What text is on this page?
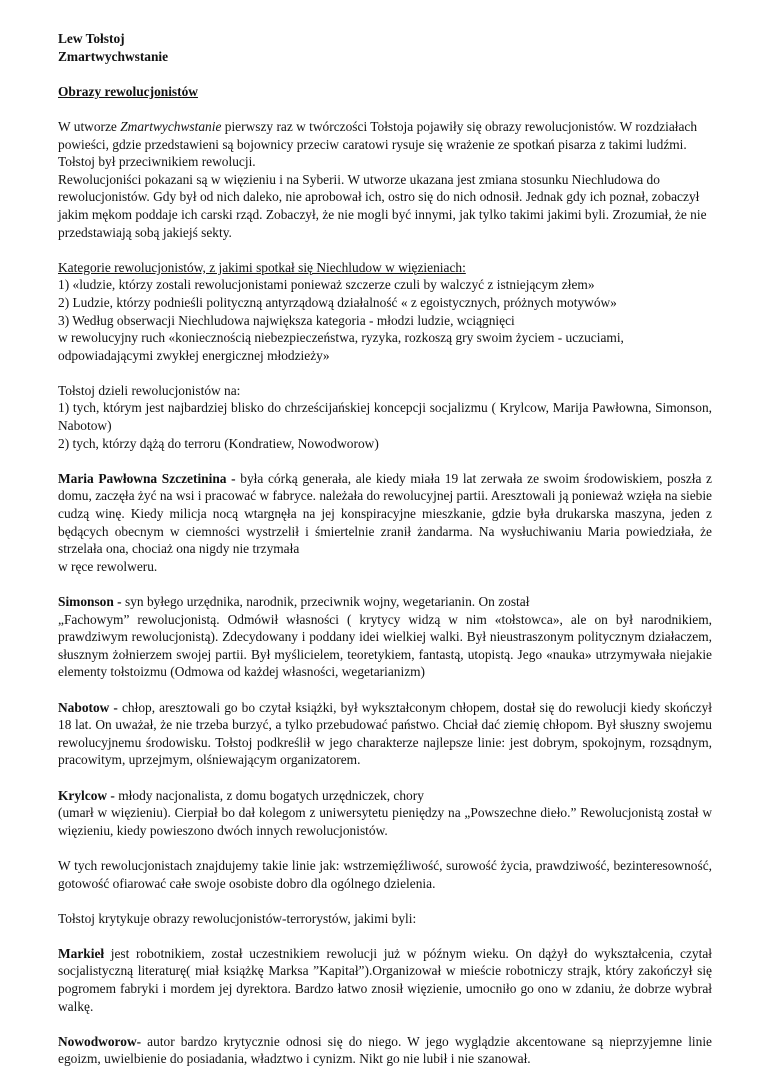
Lew Tołstoj

Zmartwychwstanie

Obrazy rewolucjonistów

W utworze Zmartwychwstanie pierwszy raz w twórczości Tołstoja pojawiły się obrazy rewolucjonistów. W rozdziałach powieści, gdzie przedstawieni są bojownicy przeciw caratowi rysuje się wrażenie ze spotkań pisarza z takimi ludźmi.

Tołstoj był przeciwnikiem rewolucji.

Rewolucjoniści pokazani są w więzieniu i na Syberii. W utworze ukazana jest zmiana stosunku Niechludowa do rewolucjonistów. Gdy był od nich daleko, nie aprobował ich, ostro się do nich odnosił. Jednak gdy ich poznał, zobaczył jakim mękom poddaje ich carski rząd. Zobaczył, że nie mogli być innymi, jak tylko takimi jakimi byli. Zrozumiał, że nie przedstawiają sobą jakiejś sekty.

Kategorie rewolucjonistów, z jakimi spotkał się Niechludow w więzieniach:

1) «ludzie, którzy zostali rewolucjonistami ponieważ szczerze czuli by walczyć z istniejącym złem»

2) Ludzie, którzy podnieśli polityczną antyrządową działalność « z egoistycznych, próżnych motywów»

3) Według obserwacji Niechludowa największa kategoria - młodzi ludzie, wciągnięci

w rewolucyjny ruch «koniecznością niebezpieczeństwa, ryzyka, rozkoszą gry swoim życiem - uczuciami, odpowiadającymi zwykłej energicznej młodzieży»

Tołstoj dzieli rewolucjonistów na:

1) tych, którym jest najbardziej blisko do chrześcijańskiej koncepcji socjalizmu ( Krylcow, Marija Pawłowna, Simonson, Nabotow)

2) tych, którzy dążą do terroru (Kondratiew, Nowodworow)

Maria Pawłowna Szczetinina - była córką generała, ale kiedy miała 19 lat zerwała ze swoim środowiskiem, poszła z domu, zaczęła żyć na wsi i pracować w fabryce. należała do rewolucyjnej partii. Aresztowali ją ponieważ wzięła na siebie cudzą winę. Kiedy milicja nocą wtargnęła na jej konspiracyjne mieszkanie, gdzie była drukarska maszyna, jeden z będących obecnym w ciemności wystrzelił i śmiertelnie zranił żandarma. Na wysłuchiwaniu Maria powiedziała, że strzelała ona, chociaż ona nigdy nie trzymała

w ręce rewolweru.

Simonson - syn byłego urzędnika, narodnik, przeciwnik wojny, wegetarianin. On został

„Fachowym” rewolucjonistą. Odmówił własności ( krytycy widzą w nim «tołstowca», ale on był narodnikiem, prawdziwym rewolucjonistą). Zdecydowany i poddany idei wielkiej walki. Był nieustraszonym politycznym działaczem, słusznym żołnierzem swojej partii. Był myślicielem, teoretykiem, fantastą, utopistą. Jego «nauka» utrzymywała niejakie elementy tołstoizmu (Odmowa od każdej własności, wegetarianizm)

Nabotow - chłop, aresztowali go bo czytał książki, był wykształconym chłopem, dostał się do rewolucji kiedy skończył 18 lat. On uważał, że nie trzeba burzyć, a tylko przebudować państwo. Chciał dać ziemię chłopom. Był słuszny swojemu rewolucyjnemu środowisku. Tołstoj podkreślił w jego charakterze najlepsze linie: jest dobrym, spokojnym, rozsądnym, pracowitym, uprzejmym, olśniewającym organizatorem.

Krylcow - młody nacjonalista, z domu bogatych urzędniczek, chory

(umarł w więzieniu). Cierpiał bo dał kolegom z uniwersytetu pieniędzy na „Powszechne dieło.” Rewolucjonistą został w więzieniu, kiedy powieszono dwóch innych rewolucjonistów.

W tych rewolucjonistach znajdujemy takie linie jak: wstrzemięźliwość, surowość życia, prawdziwość, bezinteresowność, gotowość ofiarować całe swoje osobiste dobro dla ogólnego dzielenia.

Tołstoj krytykuje obrazy rewolucjonistów-terrorystów, jakimi byli:

Markieł jest robotnikiem, został uczestnikiem rewolucji już w późnym wieku. On dążył do wykształcenia, czytał socjalistyczną literaturę( miał książkę Marksa ”Kapitał”).Organizował w mieście robotniczy strajk, który zakończył się pogromem fabryki i mordem jej dyrektora. Bardzo łatwo znosił więzienie, umocniło go ono w zdaniu, że dobrze wybrał walkę.

Nowodworow- autor bardzo krytycznie odnosi się do niego. W jego wyglądzie akcentowane są nieprzyjemne linie egoizm, uwielbienie do posiadania, władztwo i cynizm. Nikt go nie lubił i nie szanował.
